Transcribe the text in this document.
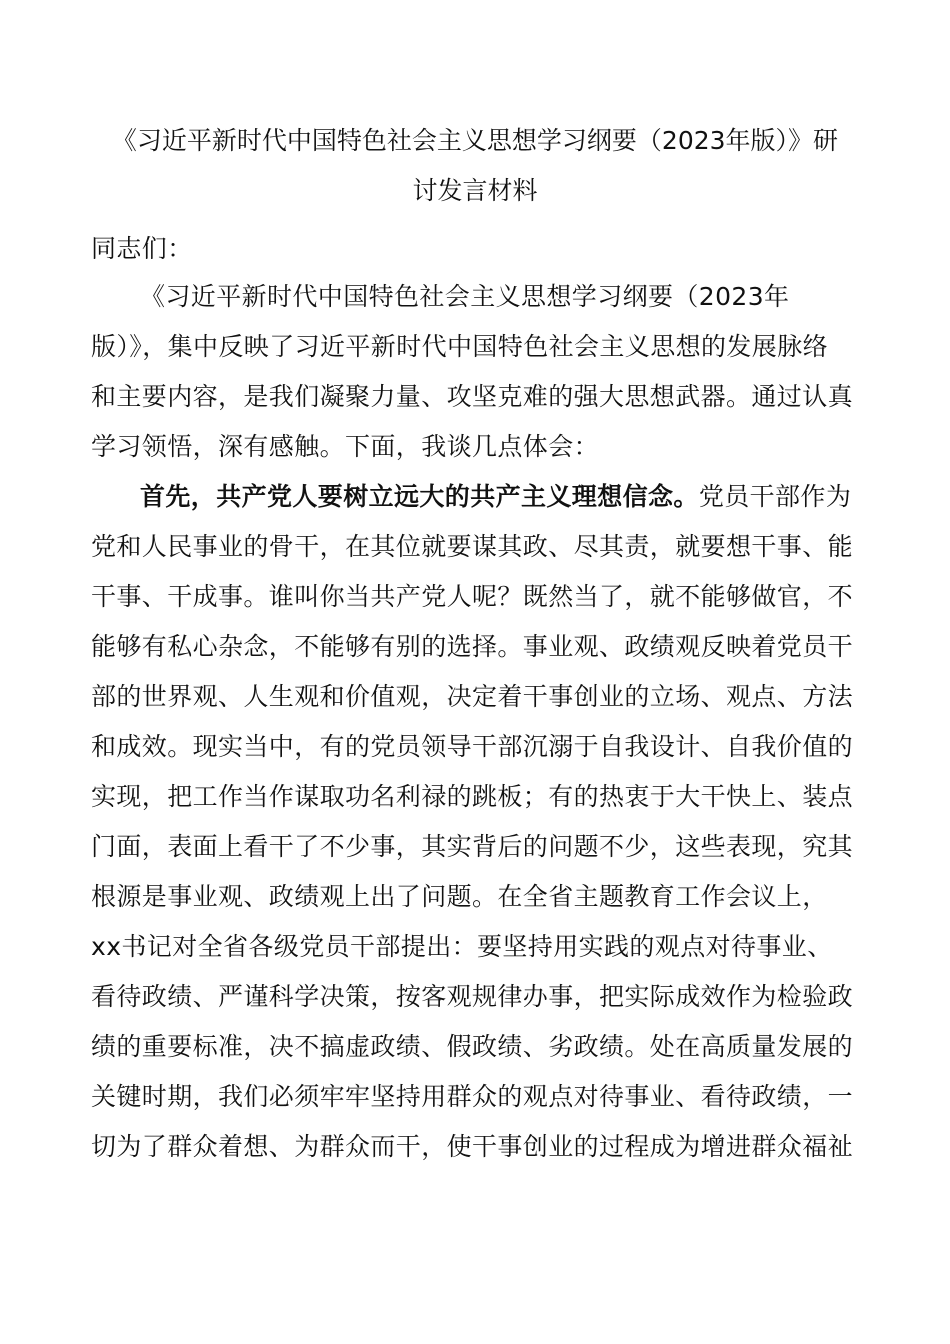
《习近平新时代中国特色社会主义思想学习纲要（2023年版）》研
讨发言材料
同志们：
《习近平新时代中国特色社会主义思想学习纲要（2023年
版）》，集中反映了习近平新时代中国特色社会主义思想的发展脉络
和主要内容，是我们凝聚力量、攻坚克难的强大思想武器。通过认真
学习领悟，深有感触。下面，我谈几点体会：
首先，共产党人要树立远大的共产主义理想信念。党员干部作为
党和人民事业的骨干，在其位就要谋其政、尽其责，就要想干事、能
干事、干成事。谁叫你当共产党人呢？既然当了，就不能够做官，不
能够有私心杂念，不能够有别的选择。事业观、政绩观反映着党员干
部的世界观、人生观和价值观，决定着干事创业的立场、观点、方法
和成效。现实当中，有的党员领导干部沉溺于自我设计、自我价值的
实现，把工作当作谋取功名利禄的跳板；有的热衷于大干快上、装点
门面，表面上看干了不少事，其实背后的问题不少，这些表现，究其
根源是事业观、政绩观上出了问题。在全省主题教育工作会议上，
xx书记对全省各级党员干部提出：要坚持用实践的观点对待事业、
看待政绩、严谨科学决策，按客观规律办事，把实际成效作为检验政
绩的重要标准，决不搞虚政绩、假政绩、劣政绩。处在高质量发展的
关键时期，我们必须牢牢坚持用群众的观点对待事业、看待政绩，一
切为了群众着想、为群众而干，使干事创业的过程成为增进群众福祉
